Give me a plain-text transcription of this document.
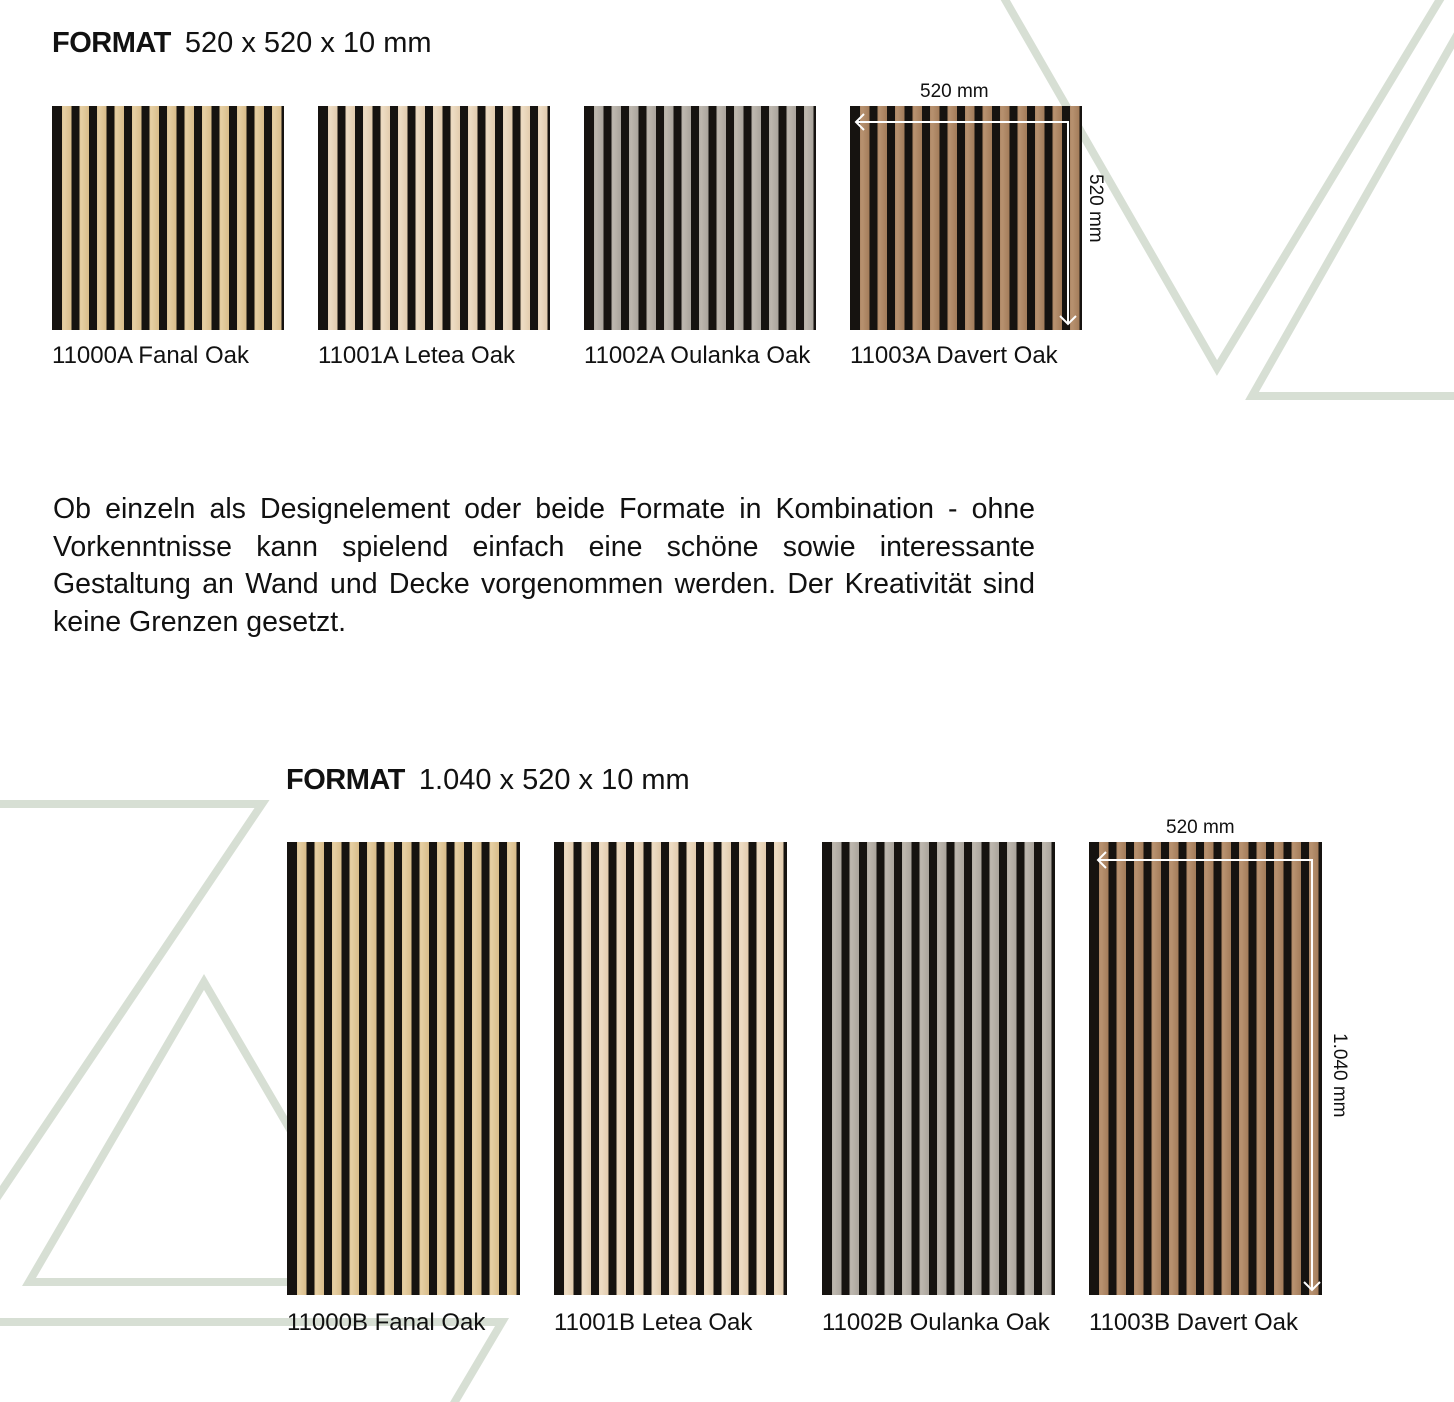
FORMAT 520 x 520 x 10 mm
11000A Fanal Oak	11001A Letea Oak	11002A Oulanka Oak 11003A Davert Oak
520 mm
520 mm

Ob einzeln als Designelement oder beide Formate in Kombination - ohne Vorkenntnisse kann spielend einfach eine schöne sowie interessante Gestaltung an Wand und Decke vorgenommen werden. Der Kreativität sind keine Grenzen gesetzt.

FORMAT 1.040 x 520 x 10 mm
11000B Fanal Oak	11001B Letea Oak	11002B Oulanka Oak 11003B Davert Oak
520 mm
1.040 mm
